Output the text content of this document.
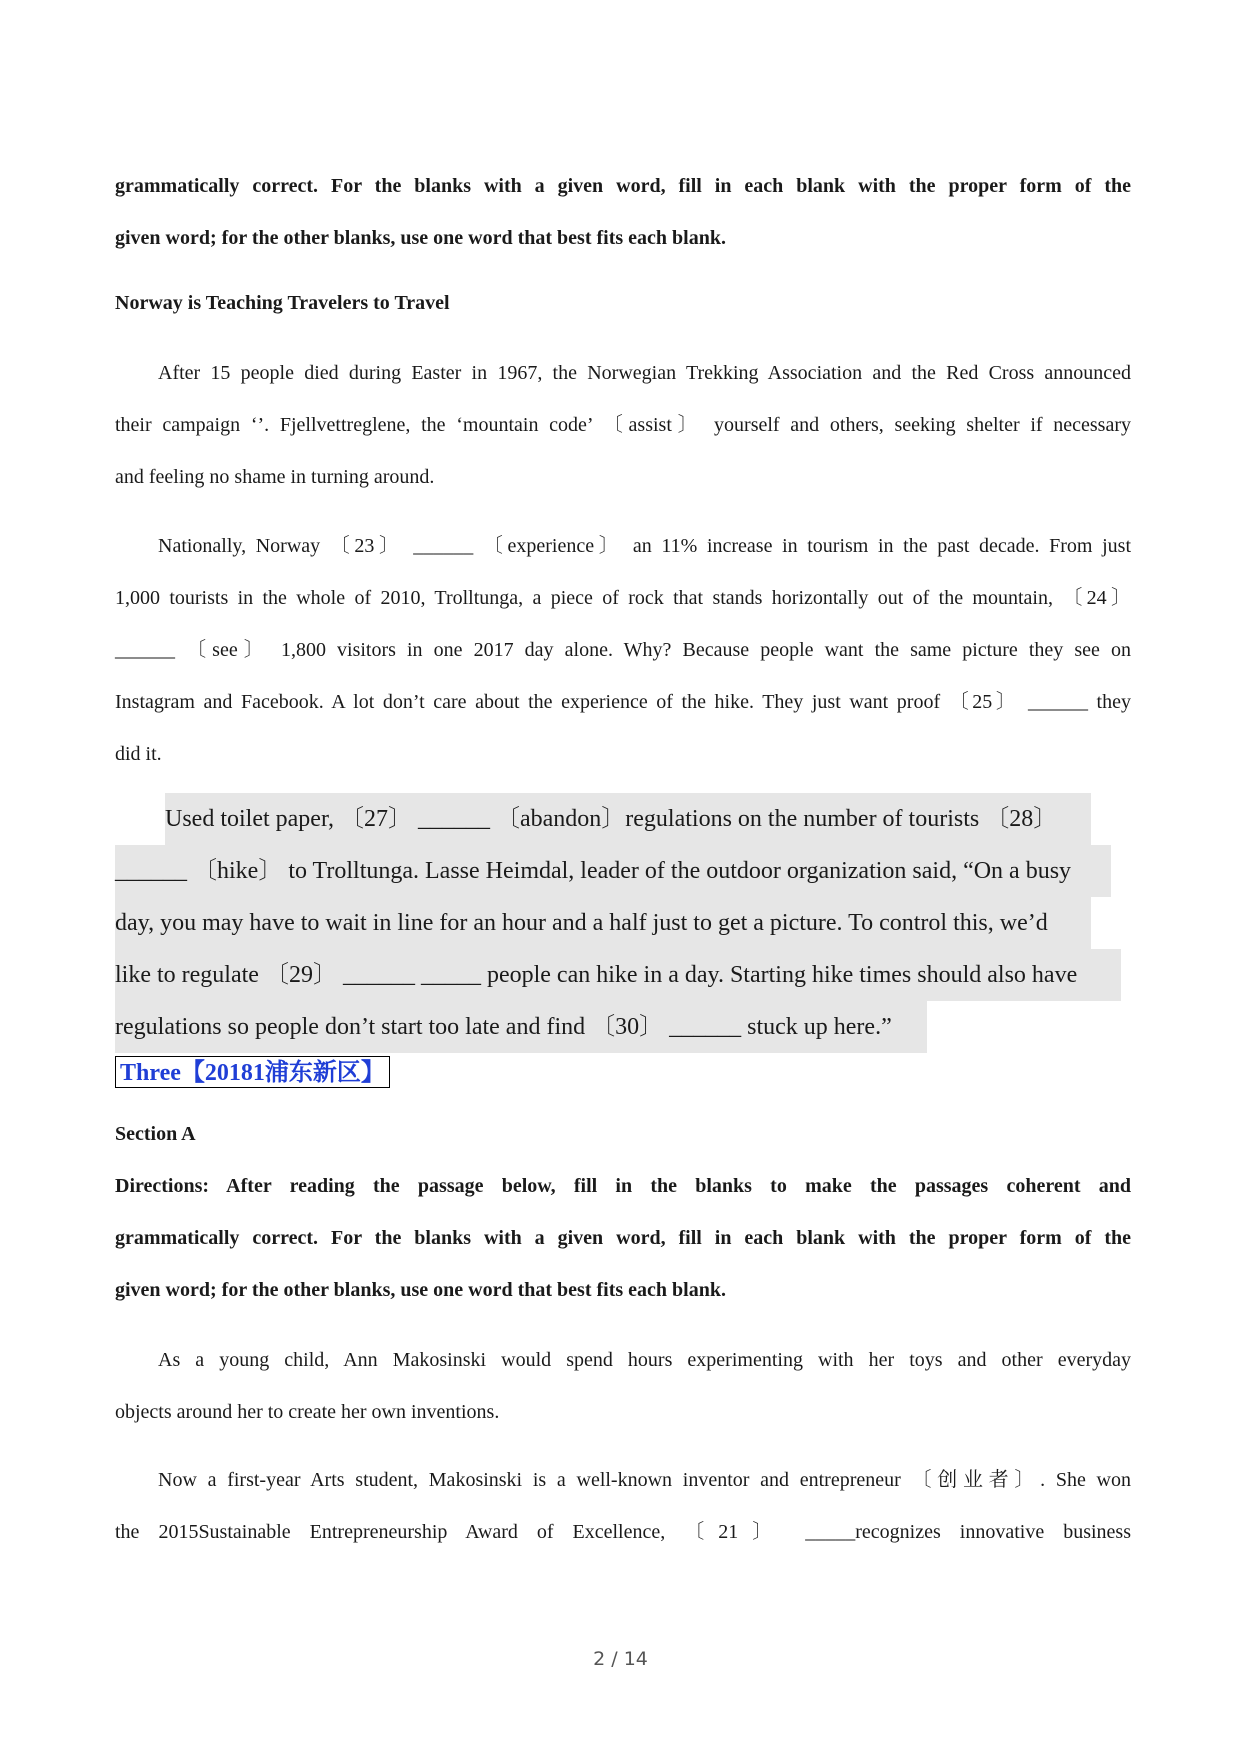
grammatically correct. For the blanks with a given word, fill in each blank with the proper form of the
given word; for the other blanks, use one word that best fits each blank.
Norway is Teaching Travelers to Travel
After 15 people died during Easter in 1967, the Norwegian Trekking Association and the Red Cross announced
their campaign ‘’. Fjellvettreglene, the ‘mountain code’ 〔assist〕 yourself and others, seeking shelter if necessary
and feeling no shame in turning around.
Nationally, Norway 〔23〕 ______ 〔experience〕 an 11% increase in tourism in the past decade. From just
1,000 tourists in the whole of 2010, Trolltunga, a piece of rock that stands horizontally out of the mountain, 〔24〕
______ 〔see〕 1,800 visitors in one 2017 day alone. Why? Because people want the same picture they see on
Instagram and Facebook. A lot don’t care about the experience of the hike. They just want proof 〔25〕 ______ they
did it.
Used toilet paper, 〔27〕 ______ 〔abandon〕regulations on the number of tourists 〔28〕
______ 〔hike〕 to Trolltunga. Lasse Heimdal, leader of the outdoor organization said, “On a busy
day, you may have to wait in line for an hour and a half just to get a picture. To control this, we’d
like to regulate 〔29〕 ______ _____ people can hike in a day. Starting hike times should also have
regulations so people don’t start too late and find 〔30〕 ______ stuck up here.”
Three【20181浦东新区】
Section A
Directions: After reading the passage below, fill in the blanks to make the passages coherent and
grammatically correct. For the blanks with a given word, fill in each blank with the proper form of the
given word; for the other blanks, use one word that best fits each blank.
As a young child, Ann Makosinski would spend hours experimenting with her toys and other everyday
objects around her to create her own inventions.
Now a first-year Arts student, Makosinski is a well-known inventor and entrepreneur 〔创业者〕. She won
the 2015Sustainable Entrepreneurship Award of Excellence, 〔21〕 _____recognizes innovative business
2 / 14
